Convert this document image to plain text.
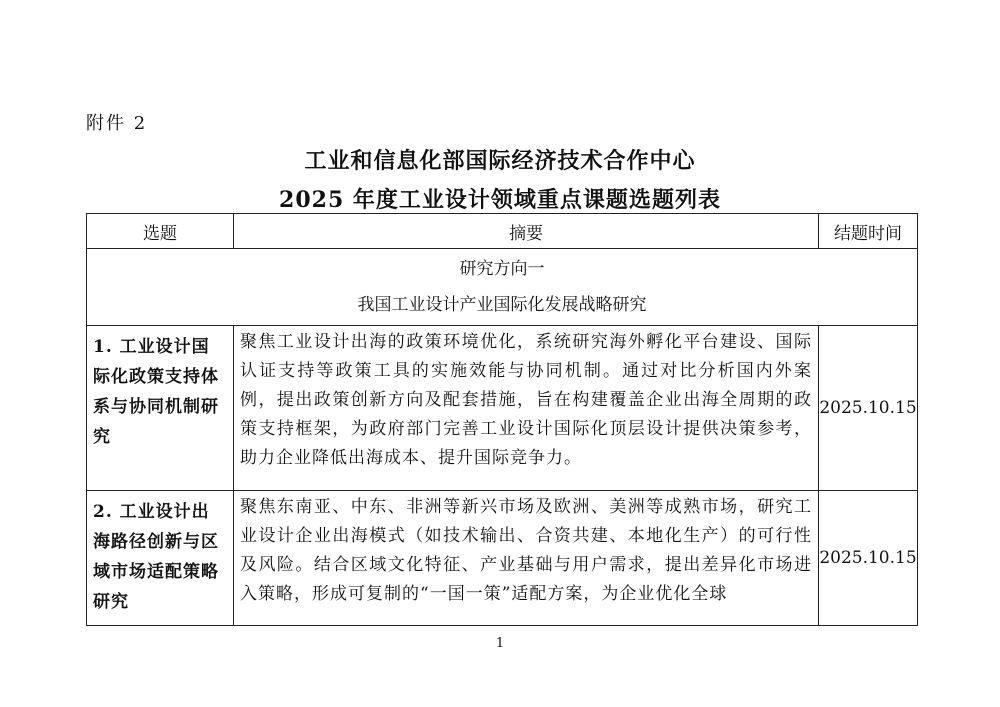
附件 2
工业和信息化部国际经济技术合作中心
2025 年度工业设计领域重点课题选题列表
选题	摘要	结题时间

研究方向一
我国工业设计产业国际化发展战略研究		

1. 工业设计国际化政策支持体系与协同机制研究	聚焦工业设计出海的政策环境优化，系统研究海外孵化平台建设、国际认证支持等政策工具的实施效能与协同机制。通过对比分析国内外案例，提出政策创新方向及配套措施，旨在构建覆盖企业出海全周期的政策支持框架，为政府部门完善工业设计国际化顶层设计提供决策参考，助力企业降低出海成本、提升国际竞争力。	2025.10.15
2. 工业设计出海路径创新与区域市场适配策略研究	聚焦东南亚、中东、非洲等新兴市场及欧洲、美洲等成熟市场，研究工业设计企业出海模式（如技术输出、合资共建、本地化生产）的可行性及风险。结合区域文化特征、产业基础与用户需求，提出差异化市场进入策略，形成可复制的“一国一策”适配方案，为企业优化全球	2025.10.15
1
